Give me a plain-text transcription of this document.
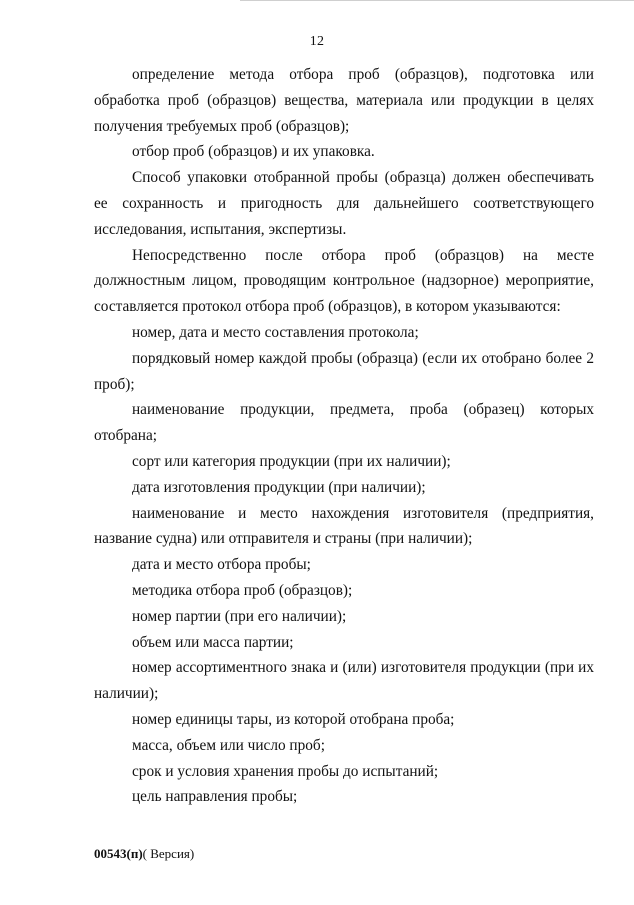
12

определение метода отбора проб (образцов), подготовка или обработка проб (образцов) вещества, материала или продукции в целях получения требуемых проб (образцов);

отбор проб (образцов) и их упаковка.

Способ упаковки отобранной пробы (образца) должен обеспечивать ее сохранность и пригодность для дальнейшего соответствующего исследования, испытания, экспертизы.

Непосредственно после отбора проб (образцов) на месте должностным лицом, проводящим контрольное (надзорное) мероприятие, составляется протокол отбора проб (образцов), в котором указываются:

номер, дата и место составления протокола;

порядковый номер каждой пробы (образца) (если их отобрано более 2 проб);

наименование продукции, предмета, проба (образец) которых отобрана;

сорт или категория продукции (при их наличии);

дата изготовления продукции (при наличии);

наименование и место нахождения изготовителя (предприятия, название судна) или отправителя и страны (при наличии);

дата и место отбора пробы;

методика отбора проб (образцов);

номер партии (при его наличии);

объем или масса партии;

номер ассортиментного знака и (или) изготовителя продукции (при их наличии);

номер единицы тары, из которой отобрана проба;

масса, объем или число проб;

срок и условия хранения пробы до испытаний;

цель направления пробы;

00543(п)( Версия)
